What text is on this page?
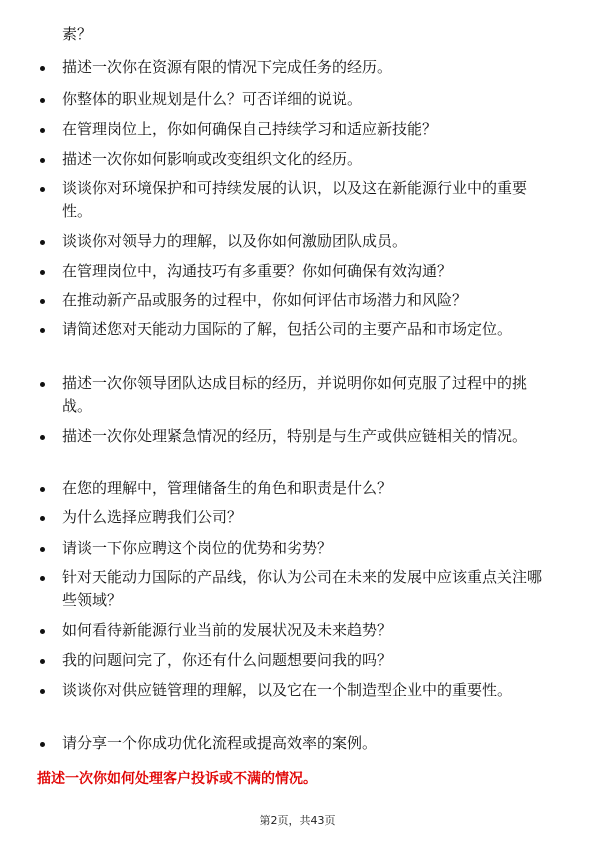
素？
描述一次你在资源有限的情况下完成任务的经历。
你整体的职业规划是什么？可否详细的说说。
在管理岗位上，你如何确保自己持续学习和适应新技能？
描述一次你如何影响或改变组织文化的经历。
谈谈你对环境保护和可持续发展的认识，以及这在新能源行业中的重要性。
谈谈你对领导力的理解，以及你如何激励团队成员。
在管理岗位中，沟通技巧有多重要？你如何确保有效沟通？
在推动新产品或服务的过程中，你如何评估市场潜力和风险？
请简述您对天能动力国际的了解，包括公司的主要产品和市场定位。
描述一次你领导团队达成目标的经历，并说明你如何克服了过程中的挑战。
描述一次你处理紧急情况的经历，特别是与生产或供应链相关的情况。
在您的理解中，管理储备生的角色和职责是什么？
为什么选择应聘我们公司？
请谈一下你应聘这个岗位的优势和劣势？
针对天能动力国际的产品线，你认为公司在未来的发展中应该重点关注哪些领域？
如何看待新能源行业当前的发展状况及未来趋势？
我的问题问完了，你还有什么问题想要问我的吗？
谈谈你对供应链管理的理解，以及它在一个制造型企业中的重要性。
请分享一个你成功优化流程或提高效率的案例。
描述一次你如何处理客户投诉或不满的情况。
第2页，共43页
